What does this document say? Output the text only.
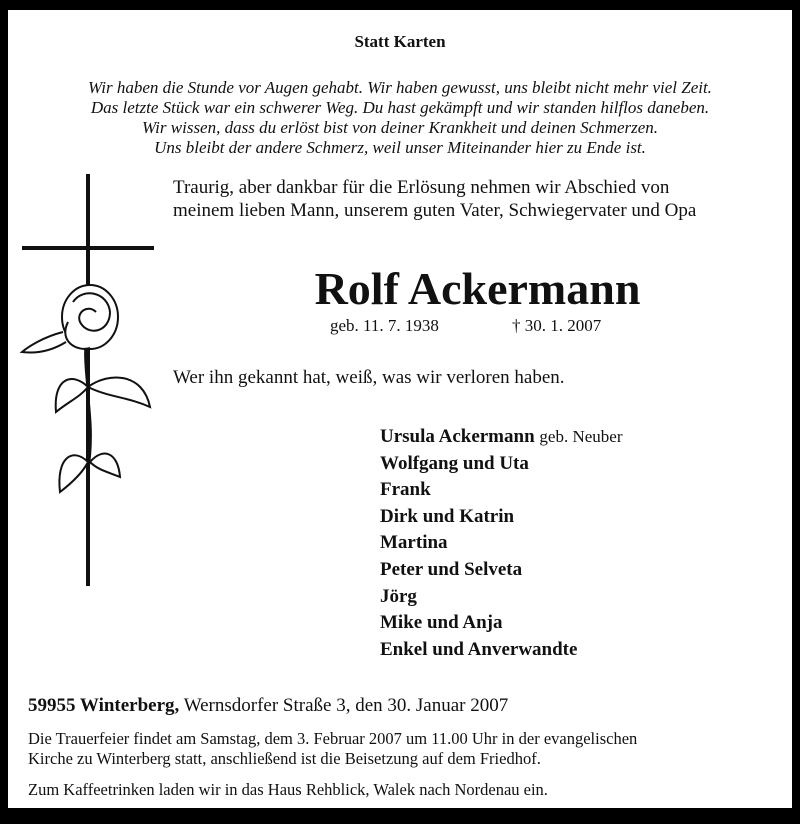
Statt Karten
Wir haben die Stunde vor Augen gehabt. Wir haben gewusst, uns bleibt nicht mehr viel Zeit.
Das letzte Stück war ein schwerer Weg. Du hast gekämpft und wir standen hilflos daneben.
Wir wissen, dass du erlöst bist von deiner Krankheit und deinen Schmerzen.
Uns bleibt der andere Schmerz, weil unser Miteinander hier zu Ende ist.
Traurig, aber dankbar für die Erlösung nehmen wir Abschied von
meinem lieben Mann, unserem guten Vater, Schwiegervater und Opa
Rolf Ackermann
geb. 11. 7. 1938	† 30. 1. 2007
Wer ihn gekannt hat, weiß, was wir verloren haben.
Ursula Ackermann geb. Neuber
Wolfgang und Uta
Frank
Dirk und Katrin
Martina
Peter und Selveta
Jörg
Mike und Anja
Enkel und Anverwandte
59955 Winterberg, Wernsdorfer Straße 3, den 30. Januar 2007
Die Trauerfeier findet am Samstag, dem 3. Februar 2007 um 11.00 Uhr in der evangelischen
Kirche zu Winterberg statt, anschließend ist die Beisetzung auf dem Friedhof.
Zum Kaffeetrinken laden wir in das Haus Rehblick, Walek nach Nordenau ein.
